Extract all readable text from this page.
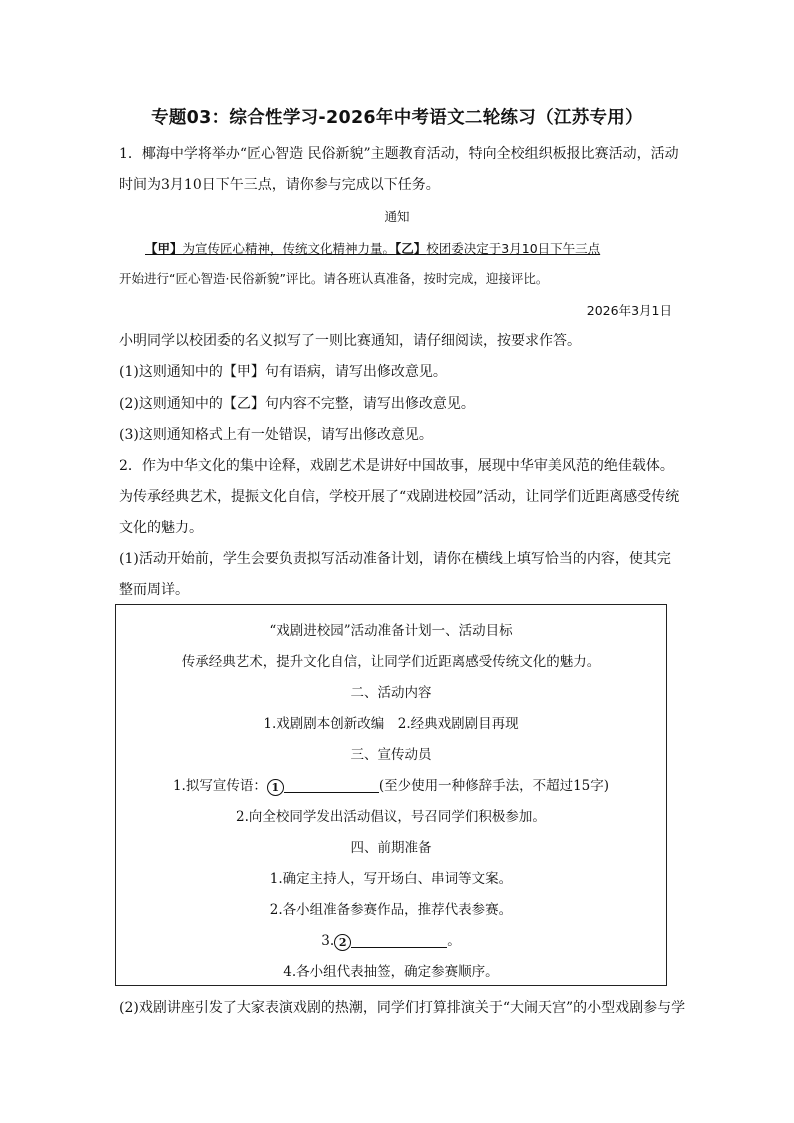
专题03：综合性学习-2026年中考语文二轮练习（江苏专用）
1．椰海中学将举办“匠心智造 民俗新貌”主题教育活动，特向全校组织板报比赛活动，活动
时间为3月10日下午三点，请你参与完成以下任务。
通知
【甲】为宣传匠心精神，传统文化精神力量。【乙】校团委决定于3月10日下午三点
开始进行“匠心智造·民俗新貌”评比。请各班认真准备，按时完成，迎接评比。
2026年3月1日
小明同学以校团委的名义拟写了一则比赛通知，请仔细阅读，按要求作答。
(1)这则通知中的【甲】句有语病，请写出修改意见。
(2)这则通知中的【乙】句内容不完整，请写出修改意见。
(3)这则通知格式上有一处错误，请写出修改意见。
2．作为中华文化的集中诠释，戏剧艺术是讲好中国故事，展现中华审美风范的绝佳载体。
为传承经典艺术，提振文化自信，学校开展了“戏剧进校园”活动，让同学们近距离感受传统
文化的魅力。
(1)活动开始前，学生会要负责拟写活动准备计划，请你在横线上填写恰当的内容，使其完
整而周详。
“戏剧进校园”活动准备计划一、活动目标
传承经典艺术，提升文化自信，让同学们近距离感受传统文化的魅力。
二、活动内容
1.戏剧剧本创新改编　2.经典戏剧剧目再现
三、宣传动员
1.拟写宣传语： 1	(至少使用一种修辞手法，不超过15字)
2.向全校同学发出活动倡议，号召同学们积极参加。
四、前期准备
1.确定主持人，写开场白、串词等文案。
2.各小组准备参赛作品，推荐代表参赛。
3. 2	。
4.各小组代表抽签，确定参赛顺序。
(2)戏剧讲座引发了大家表演戏剧的热潮，同学们打算排演关于“大闹天宫”的小型戏剧参与学
